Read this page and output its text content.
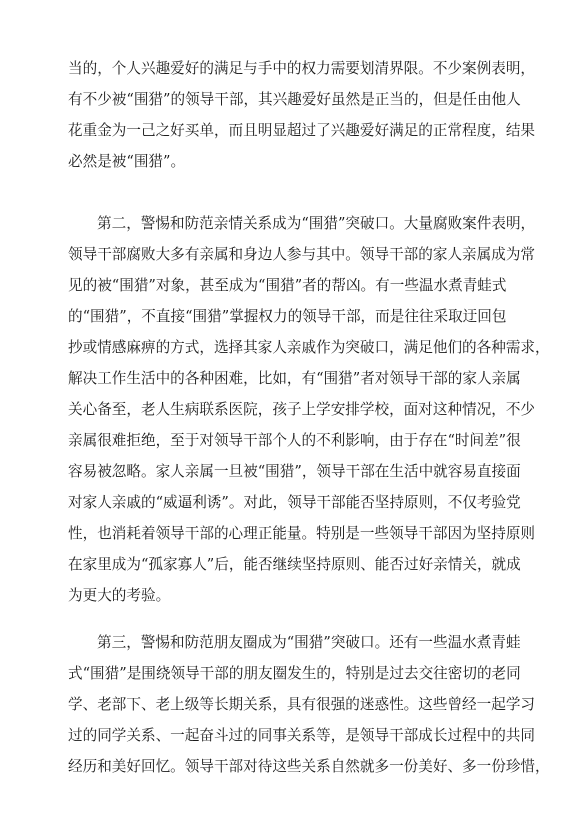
当的，个人兴趣爱好的满足与手中的权力需要划清界限。不少案例表明，
有不少被“围猎”的领导干部，其兴趣爱好虽然是正当的，但是任由他人
花重金为一己之好买单，而且明显超过了兴趣爱好满足的正常程度，结果
必然是被“围猎”。

第二，警惕和防范亲情关系成为“围猎”突破口。大量腐败案件表明，
领导干部腐败大多有亲属和身边人参与其中。领导干部的家人亲属成为常
见的被“围猎”对象，甚至成为“围猎”者的帮凶。有一些温水煮青蛙式
的“围猎”，不直接“围猎”掌握权力的领导干部，而是往往采取迂回包
抄或情感麻痹的方式，选择其家人亲戚作为突破口，满足他们的各种需求，
解决工作生活中的各种困难，比如，有“围猎”者对领导干部的家人亲属
关心备至，老人生病联系医院，孩子上学安排学校，面对这种情况，不少
亲属很难拒绝，至于对领导干部个人的不利影响，由于存在“时间差”很
容易被忽略。家人亲属一旦被“围猎”，领导干部在生活中就容易直接面
对家人亲戚的“威逼利诱”。对此，领导干部能否坚持原则，不仅考验党
性，也消耗着领导干部的心理正能量。特别是一些领导干部因为坚持原则
在家里成为“孤家寡人”后，能否继续坚持原则、能否过好亲情关，就成
为更大的考验。

第三，警惕和防范朋友圈成为“围猎”突破口。还有一些温水煮青蛙
式“围猎”是围绕领导干部的朋友圈发生的，特别是过去交往密切的老同
学、老部下、老上级等长期关系，具有很强的迷惑性。这些曾经一起学习
过的同学关系、一起奋斗过的同事关系等，是领导干部成长过程中的共同
经历和美好回忆。领导干部对待这些关系自然就多一份美好、多一份珍惜，
